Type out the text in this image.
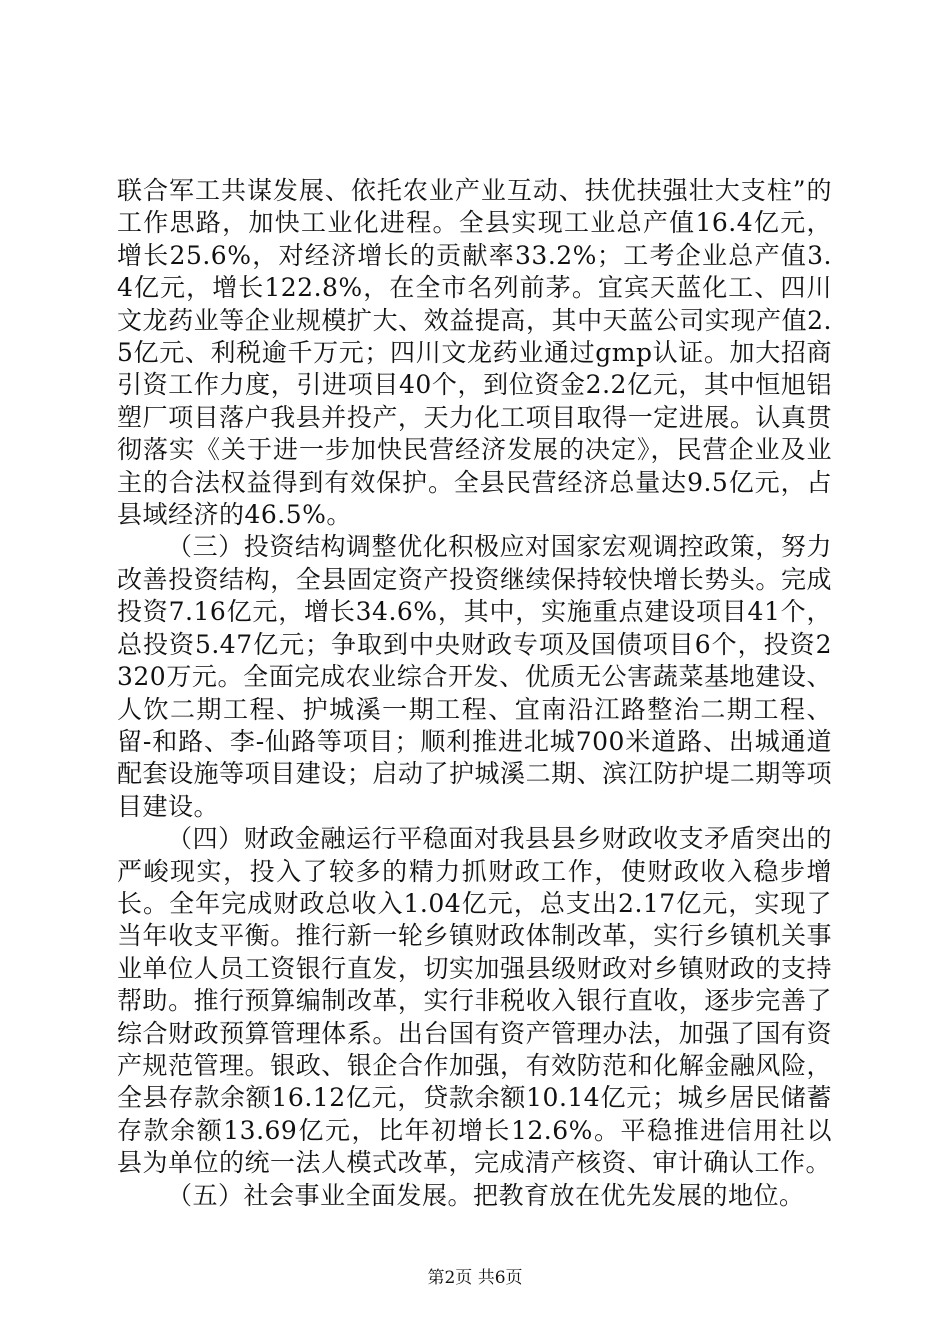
联合军工共谋发展、依托农业产业互动、扶优扶强壮大支柱”的工作思路，加快工业化进程。全县实现工业总产值16.4亿元，增长25.6%，对经济增长的贡献率33.2%；工考企业总产值3.4亿元，增长122.8%，在全市名列前茅。宜宾天蓝化工、四川文龙药业等企业规模扩大、效益提高，其中天蓝公司实现产值2.5亿元、利税逾千万元；四川文龙药业通过gmp认证。加大招商引资工作力度，引进项目40个，到位资金2.2亿元，其中恒旭铝塑厂项目落户我县并投产，天力化工项目取得一定进展。认真贯彻落实《关于进一步加快民营经济发展的决定》，民营企业及业主的合法权益得到有效保护。全县民营经济总量达9.5亿元，占县域经济的46.5%。

（三）投资结构调整优化积极应对国家宏观调控政策，努力改善投资结构，全县固定资产投资继续保持较快增长势头。完成投资7.16亿元，增长34.6%，其中，实施重点建设项目41个，总投资5.47亿元；争取到中央财政专项及国债项目6个，投资2320万元。全面完成农业综合开发、优质无公害蔬菜基地建设、人饮二期工程、护城溪一期工程、宜南沿江路整治二期工程、留-和路、李-仙路等项目；顺利推进北城700米道路、出城通道配套设施等项目建设；启动了护城溪二期、滨江防护堤二期等项目建设。

（四）财政金融运行平稳面对我县县乡财政收支矛盾突出的严峻现实，投入了较多的精力抓财政工作，使财政收入稳步增长。全年完成财政总收入1.04亿元，总支出2.17亿元，实现了当年收支平衡。推行新一轮乡镇财政体制改革，实行乡镇机关事业单位人员工资银行直发，切实加强县级财政对乡镇财政的支持帮助。推行预算编制改革，实行非税收入银行直收，逐步完善了综合财政预算管理体系。出台国有资产管理办法，加强了国有资产规范管理。银政、银企合作加强，有效防范和化解金融风险，全县存款余额16.12亿元，贷款余额10.14亿元；城乡居民储蓄存款余额13.69亿元，比年初增长12.6%。平稳推进信用社以县为单位的统一法人模式改革，完成清产核资、审计确认工作。

（五）社会事业全面发展。把教育放在优先发展的地位。

第2页 共6页
